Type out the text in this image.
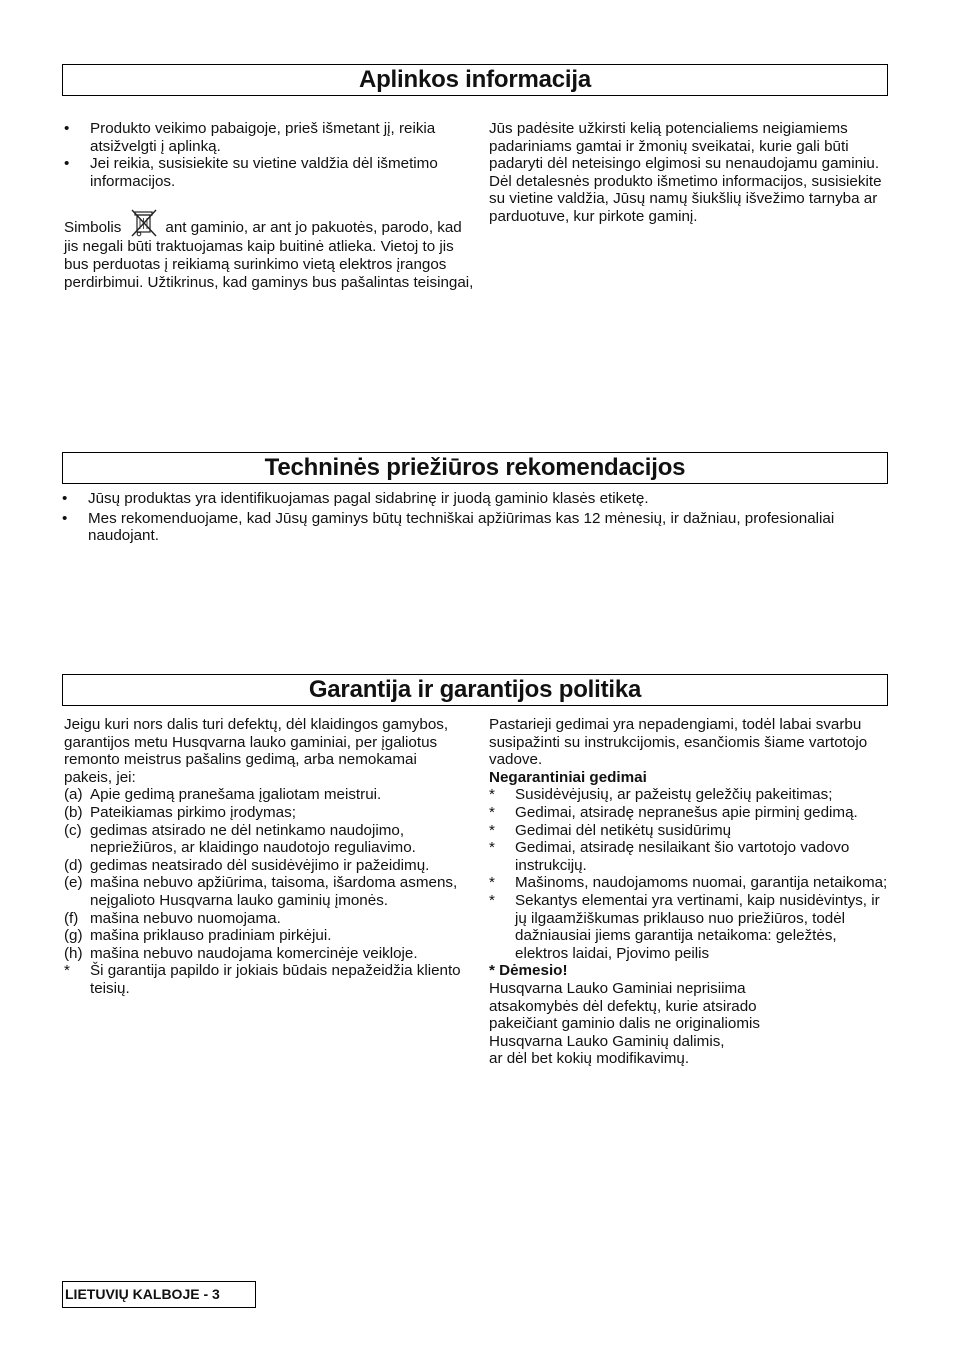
Aplinkos informacija
• Produkto veikimo pabaigoje, prieš išmetant jį, reikia atsižvelgti į aplinką.

• Jei reikia, susisiekite su vietine valdžia dėl išmetimo informacijos.

Simbolis	ant gaminio, ar ant jo pakuotės, parodo, kad jis negali būti traktuojamas kaip buitinė atlieka. Vietoj to jis bus perduotas į reikiamą surinkimo vietą elektros įrangos perdirbimui. Užtikrinus, kad gaminys bus pašalintas teisingai,

Jūs padėsite užkirsti kelią potencialiems neigiamiems padariniams gamtai ir žmonių sveikatai, kurie gali būti padaryti dėl neteisingo elgimosi su nenaudojamu gaminiu. Dėl detalesnės produkto išmetimo informacijos, susisiekite su vietine valdžia, Jūsų namų šiukšlių išvežimo tarnyba ar parduotuve, kur pirkote gaminį.

Techninės priežiūros rekomendacijos
• Jūsų produktas yra identifikuojamas pagal sidabrinę ir juodą gaminio klasės etiketę.

• Mes rekomenduojame, kad Jūsų gaminys būtų techniškai apžiūrimas kas 12 mėnesių, ir dažniau, profesionaliai naudojant.

Garantija ir garantijos politika

Jeigu kuri nors dalis turi defektų, dėl klaidingos gamybos, garantijos metu Husqvarna lauko gaminiai, per įgaliotus remonto meistrus pašalins gedimą, arba nemokamai pakeis, jei:

(a) Apie gedimą pranešama įgaliotam meistrui.

(b) Pateikiamas pirkimo įrodymas;

(c) gedimas atsirado ne dėl netinkamo naudojimo, nepriežiūros, ar klaidingo naudotojo reguliavimo.

(d) gedimas neatsirado dėl susidėvėjimo ir pažeidimų.

(e) mašina nebuvo apžiūrima, taisoma, išardoma asmens, neįgalioto Husqvarna lauko gaminių įmonės.

(f) mašina nebuvo nuomojama.

(g) mašina priklauso pradiniam pirkėjui.

(h) mašina nebuvo naudojama komercinėje veikloje.

* Ši garantija papildo ir jokiais būdais nepažeidžia kliento teisių.

Pastarieji gedimai yra nepadengiami, todėl labai svarbu susipažinti su instrukcijomis, esančiomis šiame vartotojo vadove.

Negarantiniai gedimai

* Susidėvėjusių, ar pažeistų geležčių pakeitimas;

* Gedimai, atsiradę nepranešus apie pirminį gedimą.

* Gedimai dėl netikėtų susidūrimų

* Gedimai, atsiradę nesilaikant šio vartotojo vadovo instrukcijų.

* Mašinoms, naudojamoms nuomai, garantija netaikoma;

* Sekantys elementai yra vertinami, kaip nusidėvintys, ir jų ilgaamžiškumas priklauso nuo priežiūros, todėl dažniausiai jiems garantija netaikoma: geležtės, elektros laidai, Pjovimo peilis

* Dėmesio!

Husqvarna Lauko Gaminiai neprisiima

atsakomybės dėl defektų, kurie atsirado

pakeičiant gaminio dalis ne originaliomis

Husqvarna Lauko Gaminių dalimis,

ar dėl bet kokių modifikavimų.

LIETUVIŲ KALBOJE - 3
